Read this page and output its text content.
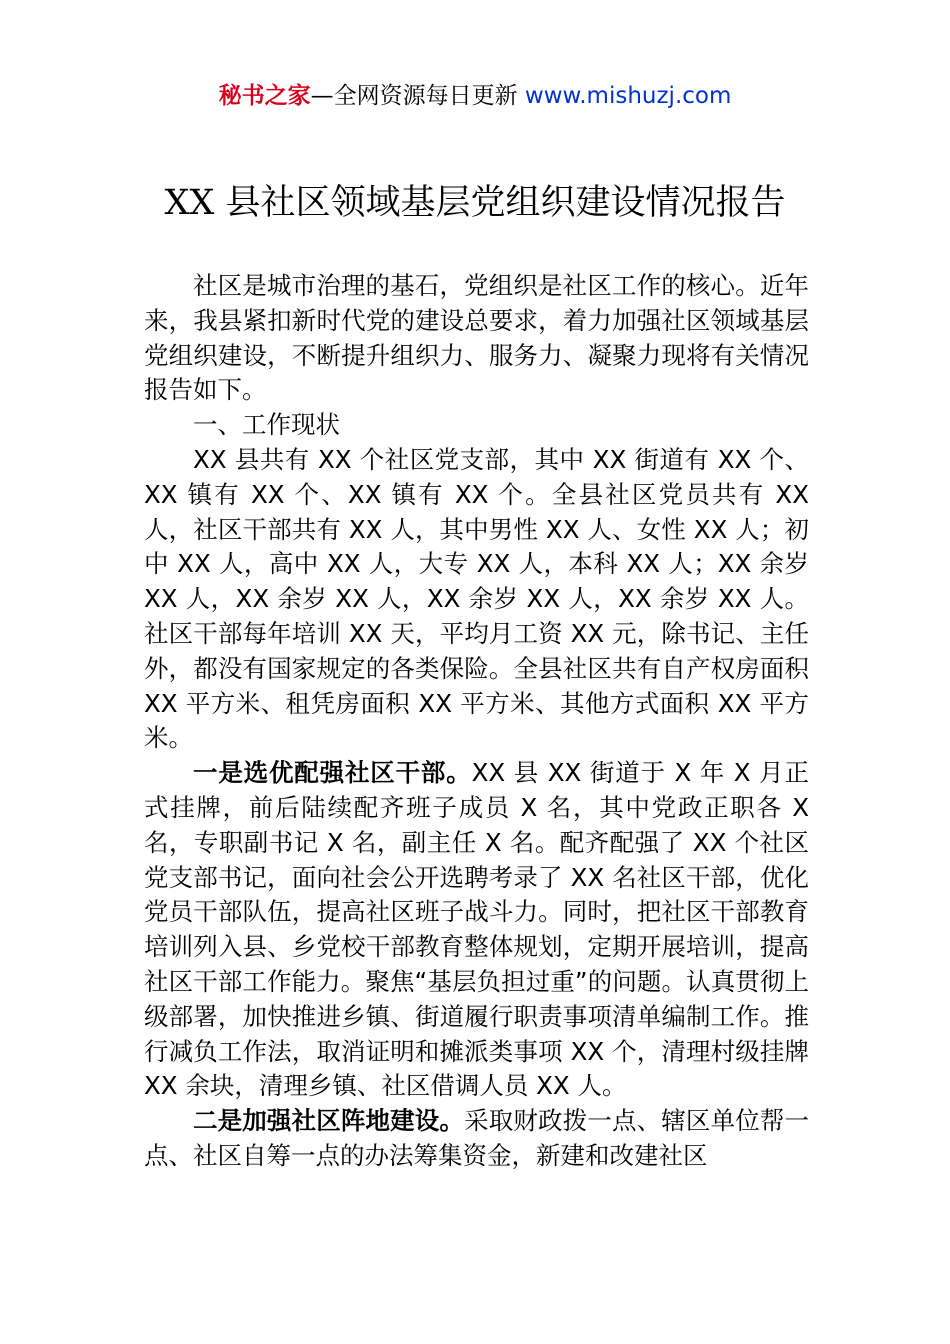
秘书之家—全网资源每日更新 www.mishuzj.com
XX 县社区领域基层党组织建设情况报告

社区是城市治理的基石，党组织是社区工作的核心。近年来，我县紧扣新时代党的建设总要求，着力加强社区领域基层党组织建设，不断提升组织力、服务力、凝聚力现将有关情况报告如下。

一、工作现状

XX 县共有 XX 个社区党支部，其中 XX 街道有 XX 个、XX 镇有 XX 个、XX 镇有 XX 个。全县社区党员共有 XX 人，社区干部共有 XX 人，其中男性 XX 人、女性 XX 人；初中 XX 人，高中 XX 人，大专 XX 人，本科 XX 人；XX 余岁 XX 人，XX 余岁 XX 人，XX 余岁 XX 人，XX 余岁 XX 人。社区干部每年培训 XX 天，平均月工资 XX 元，除书记、主任外，都没有国家规定的各类保险。全县社区共有自产权房面积 XX 平方米、租凭房面积 XX 平方米、其他方式面积 XX 平方米。

一是选优配强社区干部。XX 县 XX 街道于 X 年 X 月正式挂牌，前后陆续配齐班子成员 X 名，其中党政正职各 X 名，专职副书记 X 名，副主任 X 名。配齐配强了 XX 个社区党支部书记，面向社会公开选聘考录了 XX 名社区干部，优化党员干部队伍，提高社区班子战斗力。同时，把社区干部教育培训列入县、乡党校干部教育整体规划，定期开展培训，提高社区干部工作能力。聚焦“基层负担过重”的问题。认真贯彻上级部署，加快推进乡镇、街道履行职责事项清单编制工作。推行减负工作法，取消证明和摊派类事项 XX 个，清理村级挂牌 XX 余块，清理乡镇、社区借调人员 XX 人。

二是加强社区阵地建设。采取财政拨一点、辖区单位帮一点、社区自筹一点的办法筹集资金，新建和改建社区
